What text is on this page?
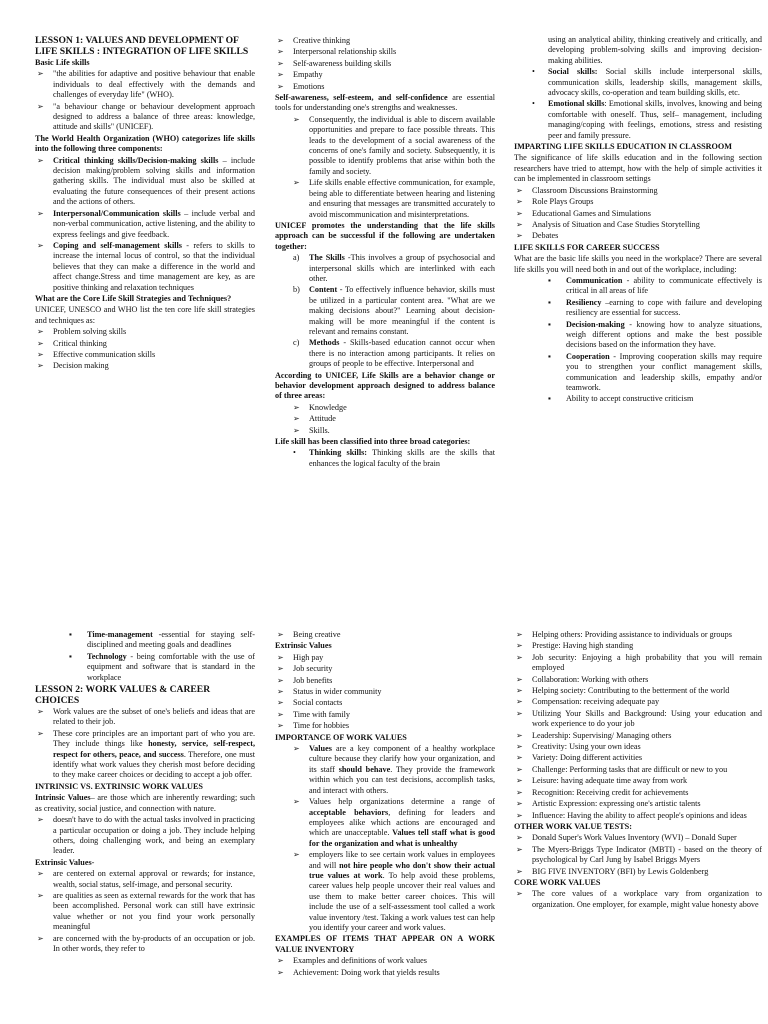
LESSON 1: VALUES AND DEVELOPMENT OF LIFE SKILLS : INTEGRATION OF LIFE SKILLS
Basic Life skills
➢ "the abilities for adaptive and positive behaviour that enable individuals to deal effectively with the demands and challenges of everyday life" (WHO).
➢ "a behaviour change or behaviour development approach designed to address a balance of three areas: knowledge, attitude and skills" (UNICEF).
The World Health Organization (WHO) categorizes life skills into the following three components:
➢ Critical thinking skills/Decision-making skills – include decision making/problem solving skills and information gathering skills. The individual must also be skilled at evaluating the future consequences of their present actions and the actions of others.
➢ Interpersonal/Communication skills – include verbal and non-verbal communication, active listening, and the ability to express feelings and give feedback.
➢ Coping and self-management skills - refers to skills to increase the internal locus of control, so that the individual believes that they can make a difference in the world and affect change.Stress and time management are key, as are positive thinking and relaxation techniques
What are the Core Life Skill Strategies and Techniques?

UNICEF, UNESCO and WHO list the ten core life skill strategies and techniques as:

➢ Problem solving skills
➢ Critical thinking
➢ Effective communication skills
➢ Decision making
➢ Creative thinking
➢ Interpersonal relationship skills
➢ Self-awareness building skills
➢ Empathy
➢ Emotions

Self-awareness, self-esteem, and self-confidence are essential tools for understanding one's strengths and weaknesses.

➢ Consequently, the individual is able to discern available opportunities and prepare to face possible threats. This leads to the development of a social awareness of the concerns of one's family and society. Subsequently, it is possible to identify problems that arise within both the family and society.
➢ Life skills enable effective communication, for example, being able to differentiate between hearing and listening and ensuring that messages are transmitted accurately to avoid miscommunication and misinterpretations.
UNICEF promotes the understanding that the life skills approach can be successful if the following are undertaken together:
a) The Skills -This involves a group of psychosocial and interpersonal skills which are interlinked with each other.
b) Content - To effectively influence behavior, skills must be utilized in a particular content area. "What are we making decisions about?" Learning about decision-making will be more meaningful if the content is relevant and remains constant.
c) Methods - Skills-based education cannot occur when there is no interaction among participants. It relies on groups of people to be effective. Interpersonal and
According to UNICEF, Life Skills are a behavior change or behavior development approach designed to address balance of three areas:
➢ Knowledge
➢ Attitude
➢ Skills.
Life skill has been classified into three broad categories:
• Thinking skills: Thinking skills are the skills that enhances the logical faculty of the brain
using an analytical ability, thinking creatively and critically, and developing problem-solving skills and improving decision-making abilities.
• Social skills: Social skills include interpersonal skills, communication skills, leadership skills, management skills, advocacy skills, co-operation and team building skills, etc.
• Emotional skills: Emotional skills, involves, knowing and being comfortable with oneself. Thus, self– management, including managing/coping with feelings, emotions, stress and resisting peer and family pressure.
IMPARTING LIFE SKILLS EDUCATION IN CLASSROOM

The significance of life skills education and in the following section researchers have tried to attempt, how with the help of simple activities it can be implemented in classroom settings

➢ Classroom Discussions Brainstorming
➢ Role Plays Groups
➢ Educational Games and Simulations
➢ Analysis of Situation and Case Studies Storytelling
➢ Debates
LIFE SKILLS FOR CAREER SUCCESS

What are the basic life skills you need in the workplace? There are several life skills you will need both in and out of the workplace, including:

▪ Communication - ability to communicate effectively is critical in all areas of life
▪ Resiliency –earning to cope with failure and developing resiliency are essential for success.
▪ Decision-making - knowing how to analyze situations, weigh different options and make the best possible decisions based on the information they have.
▪ Cooperation - Improving cooperation skills may require you to strengthen your conflict management skills, communication and leadership skills, empathy and/or teamwork.
▪ Ability to accept constructive criticism
▪ Time-management -essential for staying self- disciplined and meeting goals and deadlines
▪ Technology - being comfortable with the use of equipment and software that is standard in the workplace
LESSON 2: WORK VALUES & CAREER CHOICES
➢ Work values are the subset of one's beliefs and ideas that are related to their job.
➢ These core principles are an important part of who you are. They include things like honesty, service, self-respect, respect for others, peace, and success. Therefore, one must identify what work values they cherish most before deciding to they make career choices or deciding to accept a job offer.
INTRINSIC VS. EXTRINSIC WORK VALUES

Intrinsic Values– are those which are inherently rewarding; such as creativity, social justice, and connection with nature.

➢ doesn't have to do with the actual tasks involved in practicing a particular occupation or doing a job. They include helping others, doing challenging work, and being an exemplary leader.

Extrinsic Values-

➢ are centered on external approval or rewards; for instance, wealth, social status, self-image, and personal security.
➢ are qualities as seen as external rewards for the work that has been accomplished. Personal work can still have extrinsic value whether or not you find your work personally meaningful
➢ are concerned with the by-products of an occupation or job. In other words, they refer to
➢ Being creative
Extrinsic Values
➢ High pay
➢ Job security
➢ Job benefits
➢ Status in wider community
➢ Social contacts
➢ Time with family
➢ Time for hobbies
IMPORTANCE OF WORK VALUES
➢ Values are a key component of a healthy workplace culture because they clarify how your organization, and its staff should behave. They provide the framework within which you can test decisions, accomplish tasks, and interact with others.
➢ Values help organizations determine a range of acceptable behaviors, defining for leaders and employees alike which actions are encouraged and which are unacceptable. Values tell staff what is good for the organization and what is unhealthy
➢ employers like to see certain work values in employees and will not hire people who don't show their actual true values at work. To help avoid these problems, career values help people uncover their real values and use them to make better career choices. This will include the use of a self-assessment tool called a work value inventory /test. Taking a work values test can help you identify your career and work values.
EXAMPLES OF ITEMS THAT APPEAR ON A WORK VALUE INVENTORY
➢ Examples and definitions of work values
➢ Achievement: Doing work that yields results
➢ Helping others: Providing assistance to individuals or groups
➢ Prestige: Having high standing
➢ Job security: Enjoying a high probability that you will remain employed
➢ Collaboration: Working with others
➢ Helping society: Contributing to the betterment of the world
➢ Compensation: receiving adequate pay
➢ Utilizing Your Skills and Background: Using your education and work experience to do your job
➢ Leadership: Supervising/ Managing others
➢ Creativity: Using your own ideas
➢ Variety: Doing different activities
➢ Challenge: Performing tasks that are difficult or new to you
➢ Leisure: having adequate time away from work
➢ Recognition: Receiving credit for achievements
➢ Artistic Expression: expressing one's artistic talents
➢ Influence: Having the ability to affect people's opinions and ideas
OTHER WORK VALUE TESTS:
➢ Donald Super's Work Values Inventory (WVI) – Donald Super
➢ The Myers-Briggs Type Indicator (MBTI) - based on the theory of psychological by Carl Jung by Isabel Briggs Myers
➢ BIG FIVE INVENTORY (BFI) by Lewis Goldenberg
CORE WORK VALUES
➢ The core values of a workplace vary from organization to organization. One employer, for example, might value honesty above
